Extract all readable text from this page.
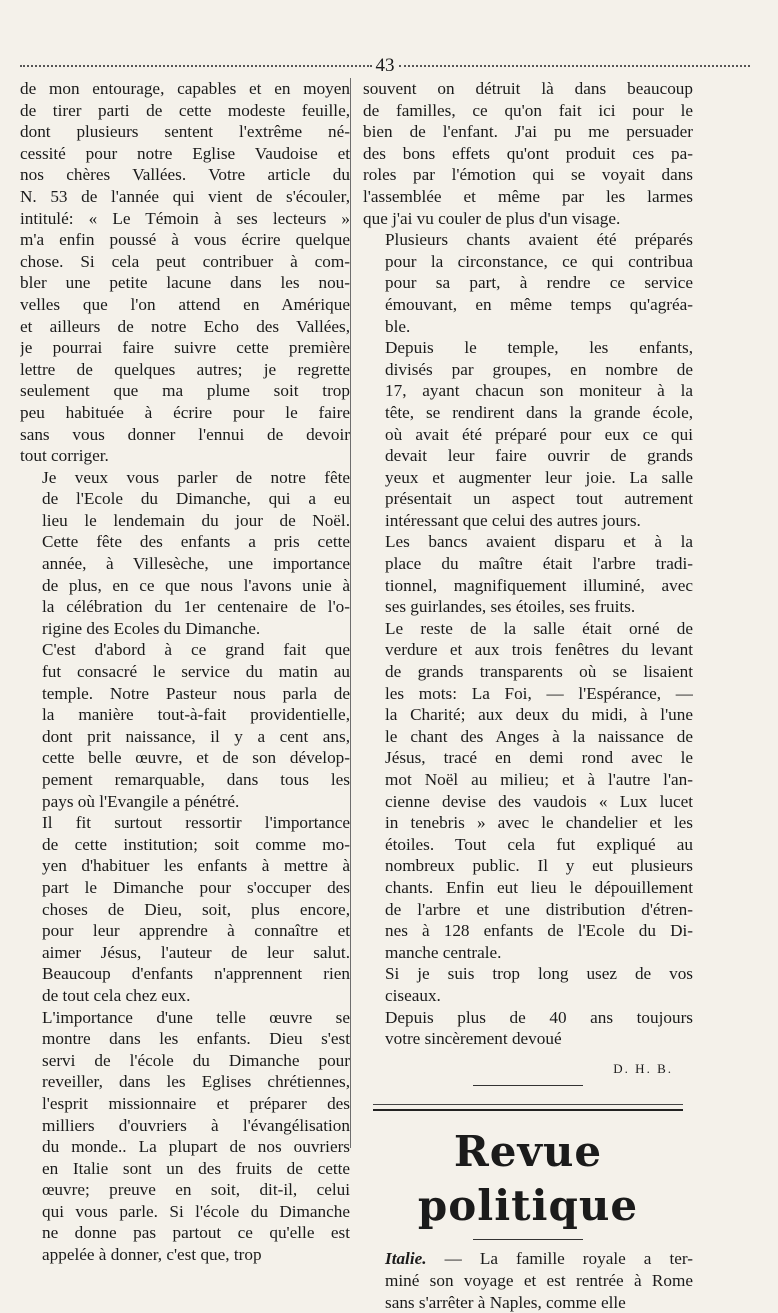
43

de mon entourage, capables et en moyen
de tirer parti de cette modeste feuille,
dont plusieurs sentent l'extrême né-
cessité pour notre Eglise Vaudoise et
nos chères Vallées. Votre article du
N. 53 de l'année qui vient de s'écouler,
intitulé: « Le Témoin à ses lecteurs »
m'a enfin poussé à vous écrire quelque
chose. Si cela peut contribuer à com-
bler une petite lacune dans les nou-
velles que l'on attend en Amérique
et ailleurs de notre Echo des Vallées,
je pourrai faire suivre cette première
lettre de quelques autres; je regrette
seulement que ma plume soit trop
peu habituée à écrire pour le faire
sans vous donner l'ennui de devoir
tout corriger.

Je veux vous parler de notre fête
de l'Ecole du Dimanche, qui a eu
lieu le lendemain du jour de Noël.
Cette fête des enfants a pris cette
année, à Villesèche, une importance
de plus, en ce que nous l'avons unie à
la célébration du 1er centenaire de l'o-
rigine des Ecoles du Dimanche.

C'est d'abord à ce grand fait que
fut consacré le service du matin au
temple. Notre Pasteur nous parla de
la manière tout-à-fait providentielle,
dont prit naissance, il y a cent ans,
cette belle œuvre, et de son dévelop-
pement remarquable, dans tous les
pays où l'Evangile a pénétré.

Il fit surtout ressortir l'importance
de cette institution; soit comme mo-
yen d'habituer les enfants à mettre à
part le Dimanche pour s'occuper des
choses de Dieu, soit, plus encore,
pour leur apprendre à connaître et
aimer Jésus, l'auteur de leur salut.
Beaucoup d'enfants n'apprennent rien
de tout cela chez eux.

L'importance d'une telle œuvre se
montre dans les enfants. Dieu s'est
servi de l'école du Dimanche pour
reveiller, dans les Eglises chrétiennes,
l'esprit missionnaire et préparer des
milliers d'ouvriers à l'évangélisation
du monde.. La plupart de nos ouvriers
en Italie sont un des fruits de cette
œuvre; preuve en soit, dit-il, celui
qui vous parle. Si l'école du Dimanche
ne donne pas partout ce qu'elle est
appelée à donner, c'est que, trop

souvent on détruit là dans beaucoup
de familles, ce qu'on fait ici pour le
bien de l'enfant. J'ai pu me persuader
des bons effets qu'ont produit ces pa-
roles par l'émotion qui se voyait dans
l'assemblée et même par les larmes
que j'ai vu couler de plus d'un visage.

Plusieurs chants avaient été préparés
pour la circonstance, ce qui contribua
pour sa part, à rendre ce service
émouvant, en même temps qu'agréa-
ble.

Depuis le temple, les enfants,
divisés par groupes, en nombre de
17, ayant chacun son moniteur à la
tête, se rendirent dans la grande école,
où avait été préparé pour eux ce qui
devait leur faire ouvrir de grands
yeux et augmenter leur joie. La salle
présentait un aspect tout autrement
intéressant que celui des autres jours.

Les bancs avaient disparu et à la
place du maître était l'arbre tradi-
tionnel, magnifiquement illuminé, avec
ses guirlandes, ses étoiles, ses fruits.

Le reste de la salle était orné de
verdure et aux trois fenêtres du levant
de grands transparents où se lisaient
les mots: La Foi, — l'Espérance, —
la Charité; aux deux du midi, à l'une
le chant des Anges à la naissance de
Jésus, tracé en demi rond avec le
mot Noël au milieu; et à l'autre l'an-
cienne devise des vaudois « Lux lucet
in tenebris » avec le chandelier et les
étoiles. Tout cela fut expliqué au
nombreux public. Il y eut plusieurs
chants. Enfin eut lieu le dépouillement
de l'arbre et une distribution d'étren-
nes à 128 enfants de l'Ecole du Di-
manche centrale.

Si je suis trop long usez de vos
ciseaux.

Depuis plus de 40 ans toujours
votre sincèrement devoué

D. H. B.
Revue politique

Italie. — La famille royale a ter-
miné son voyage et est rentrée à Rome
sans s'arrêter à Naples, comme elle
